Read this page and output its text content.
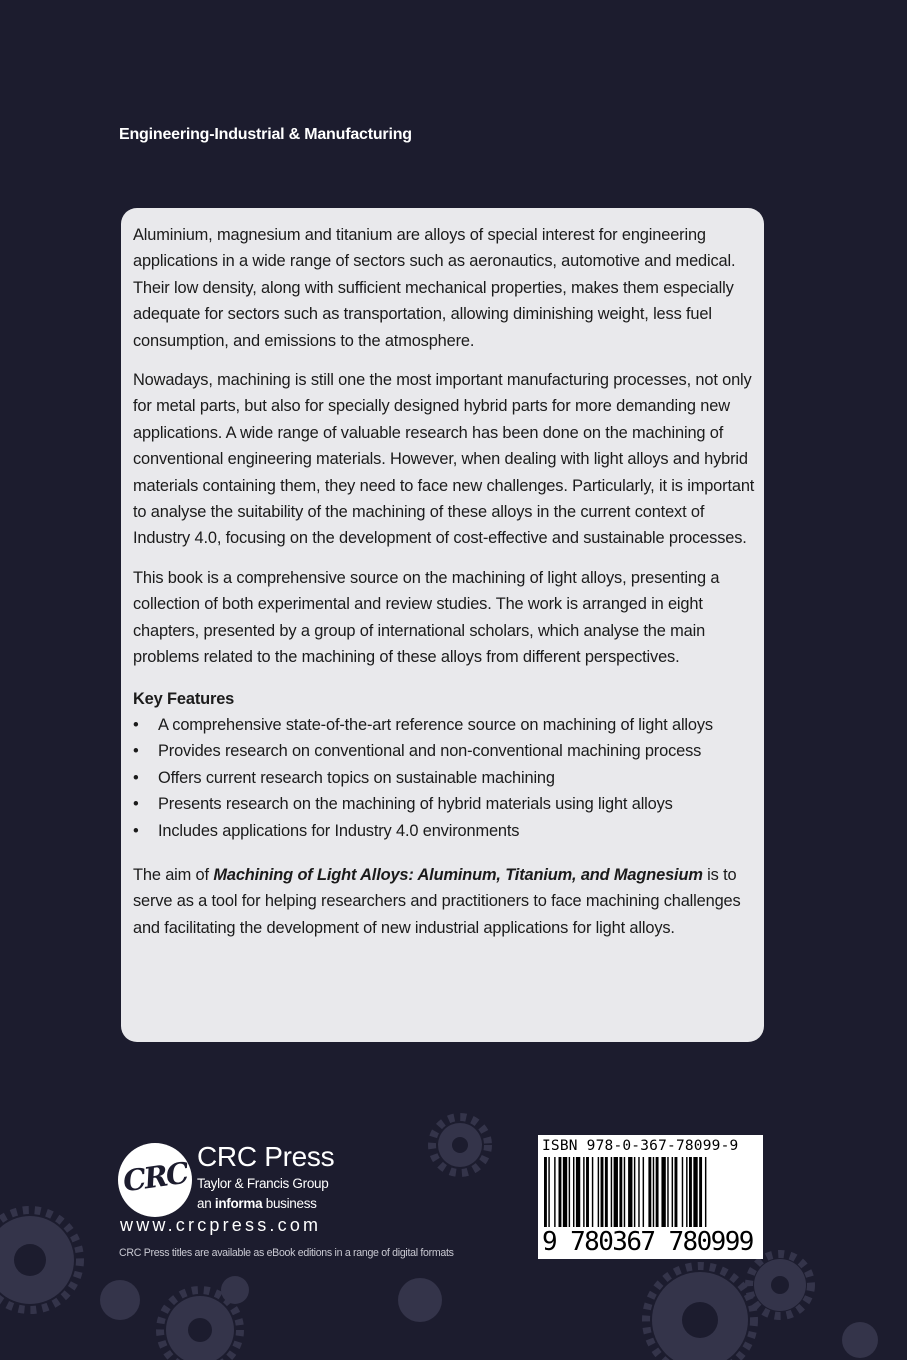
Engineering-Industrial & Manufacturing

Aluminium, magnesium and titanium are alloys of special interest for engineering applications in a wide range of sectors such as aeronautics, automotive and medical. Their low density, along with sufficient mechanical properties, makes them especially adequate for sectors such as transportation, allowing diminishing weight, less fuel consumption, and emissions to the atmosphere.

Nowadays, machining is still one the most important manufacturing processes, not only for metal parts, but also for specially designed hybrid parts for more demanding new applications. A wide range of valuable research has been done on the machining of conventional engineering materials. However, when dealing with light alloys and hybrid materials containing them, they need to face new challenges. Particularly, it is important to analyse the suitability of the machining of these alloys in the current context of Industry 4.0, focusing on the development of cost-effective and sustainable processes.

This book is a comprehensive source on the machining of light alloys, presenting a collection of both experimental and review studies. The work is arranged in eight chapters, presented by a group of international scholars, which analyse the main problems related to the machining of these alloys from different perspectives.

Key Features
• A comprehensive state-of-the-art reference source on machining of light alloys
• Provides research on conventional and non-conventional machining process
• Offers current research topics on sustainable machining
• Presents research on the machining of hybrid materials using light alloys
• Includes applications for Industry 4.0 environments

The aim of Machining of Light Alloys: Aluminum, Titanium, and Magnesium is to serve as a tool for helping researchers and practitioners to face machining challenges and facilitating the development of new industrial applications for light alloys.

CRC CRC Press
Taylor & Francis Group
an informa business
www.crcpress.com
CRC Press titles are available as eBook editions in a range of digital formats
ISBN 978-0-367-78099-9
9 780367 780999
